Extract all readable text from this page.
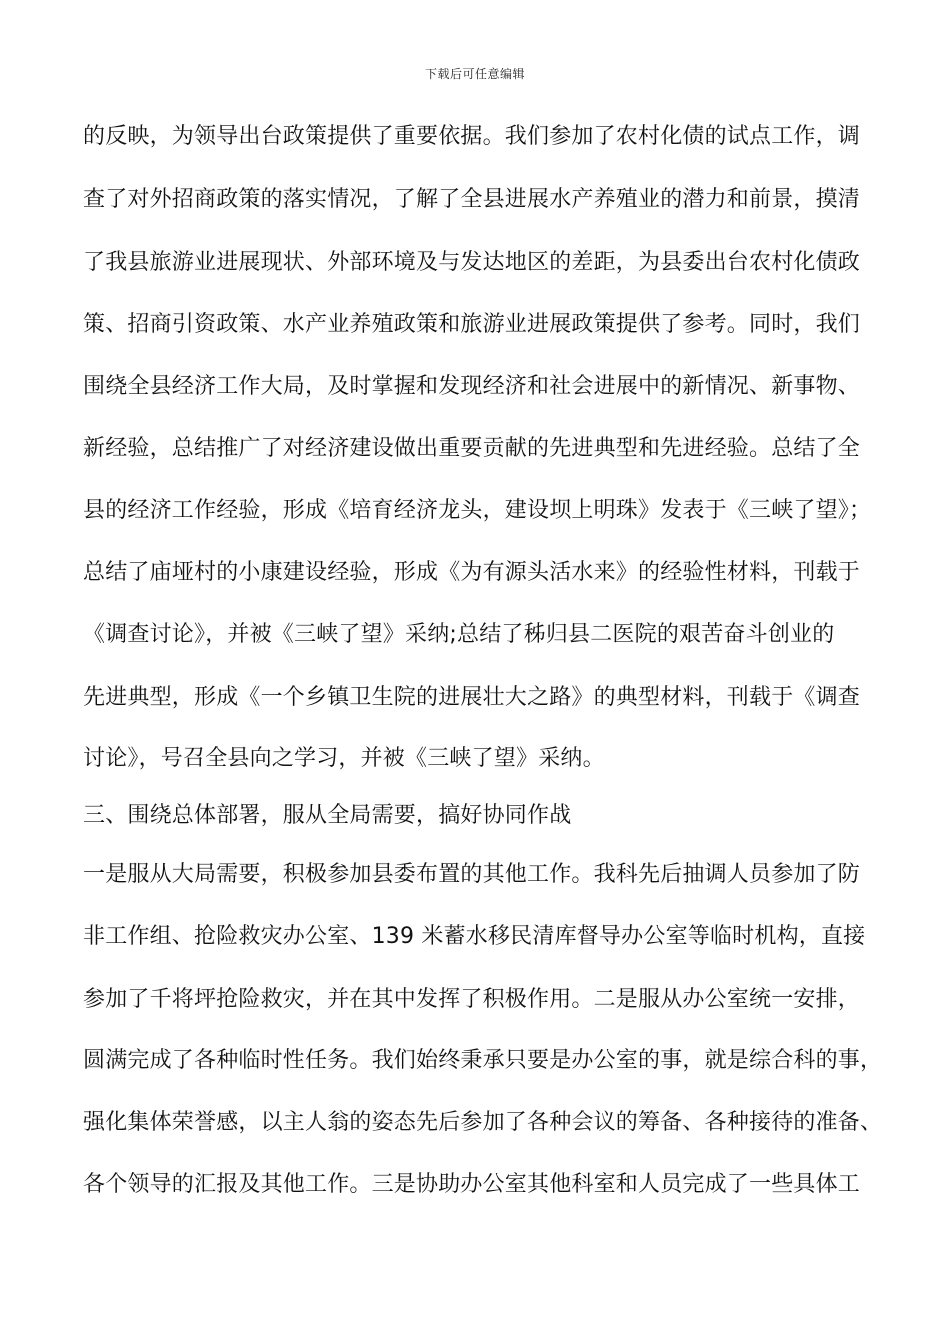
下载后可任意编辑
的反映，为领导出台政策提供了重要依据。我们参加了农村化债的试点工作，调
查了对外招商政策的落实情况，了解了全县进展水产养殖业的潜力和前景，摸清
了我县旅游业进展现状、外部环境及与发达地区的差距，为县委出台农村化债政
策、招商引资政策、水产业养殖政策和旅游业进展政策提供了参考。同时，我们
围绕全县经济工作大局，及时掌握和发现经济和社会进展中的新情况、新事物、
新经验，总结推广了对经济建设做出重要贡献的先进典型和先进经验。总结了全
县的经济工作经验，形成《培育经济龙头，建设坝上明珠》发表于《三峡了望》；
总结了庙垭村的小康建设经验，形成《为有源头活水来》的经验性材料，刊载于
《调查讨论》，并被《三峡了望》采纳;总结了秭归县二医院的艰苦奋斗创业的
先进典型，形成《一个乡镇卫生院的进展壮大之路》的典型材料，刊载于《调查
讨论》，号召全县向之学习，并被《三峡了望》采纳。
三、围绕总体部署，服从全局需要，搞好协同作战
一是服从大局需要，积极参加县委布置的其他工作。我科先后抽调人员参加了防
非工作组、抢险救灾办公室、139 米蓄水移民清库督导办公室等临时机构，直接
参加了千将坪抢险救灾，并在其中发挥了积极作用。二是服从办公室统一安排，
圆满完成了各种临时性任务。我们始终秉承只要是办公室的事，就是综合科的事，
强化集体荣誉感，以主人翁的姿态先后参加了各种会议的筹备、各种接待的准备、
各个领导的汇报及其他工作。三是协助办公室其他科室和人员完成了一些具体工
